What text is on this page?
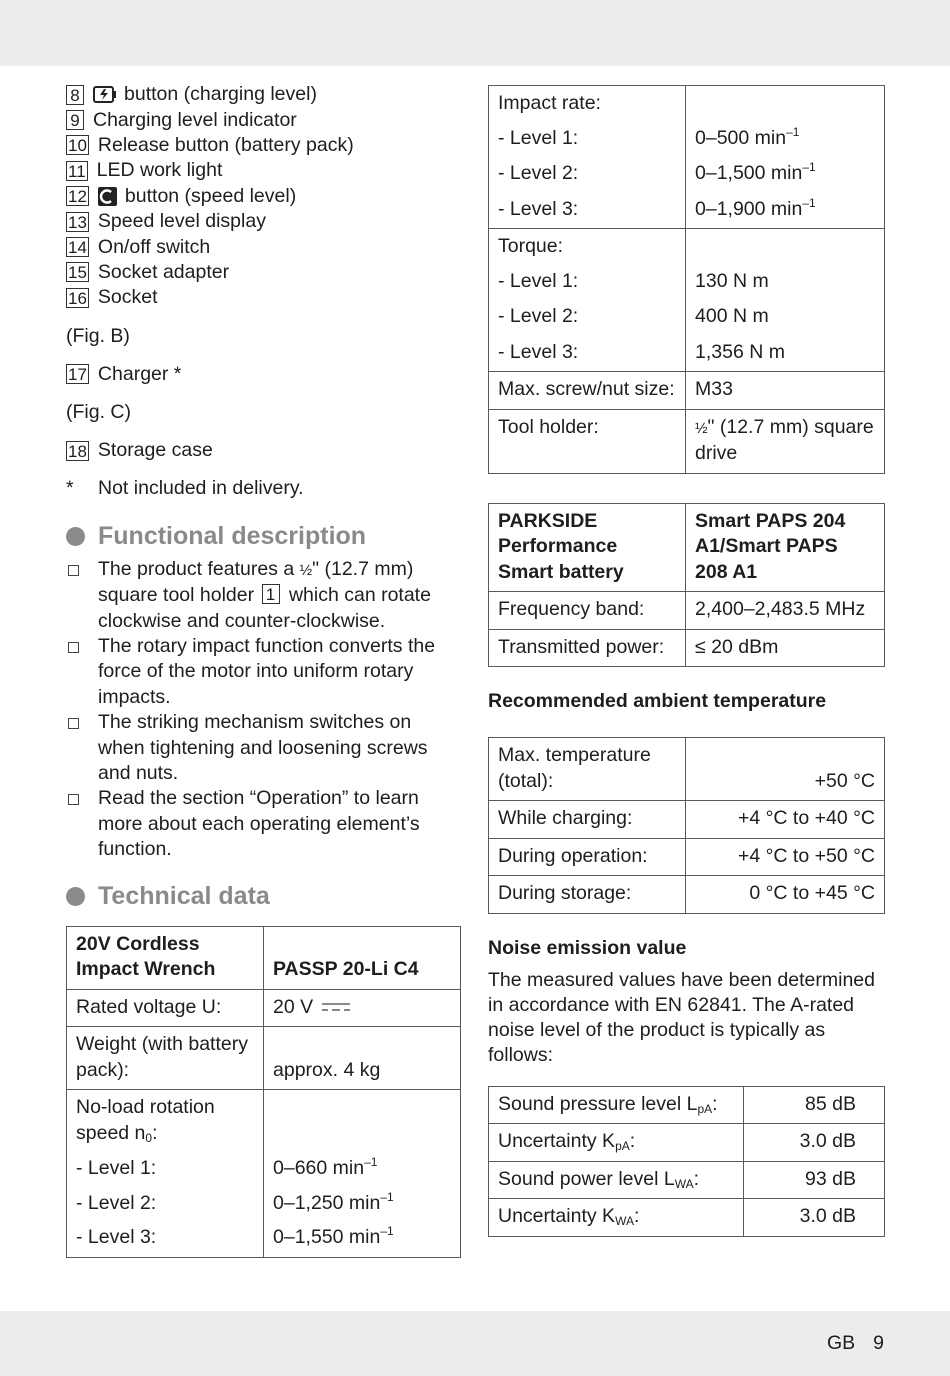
8 button (charging level)
9 Charging level indicator
10 Release button (battery pack)
11 LED work light
12 button (speed level)
13 Speed level display
14 On/off switch
15 Socket adapter
16 Socket

(Fig. B)

17 Charger *

(Fig. C)

18 Storage case
*	Not included in delivery.
Functional description
The product features a ½" (12.7 mm) square tool holder 1 which can rotate clockwise and counter-clockwise.
The rotary impact function converts the force of the motor into uniform rotary impacts.
The striking mechanism switches on when tightening and loosening screws and nuts.
Read the section “Operation” to learn more about each operating element’s function.
Technical data
20V Cordless Impact Wrench	PASSP 20-Li C4
Rated voltage U:	20 V
Weight (with battery pack):	approx. 4 kg
No-load rotation speed $n_0$:	
- Level 1:	0–660 $\min^{-1}$
- Level 2:	0–1,250 $\min^{-1}$
- Level 3:	0–1,550 $\min^{-1}$
Impact rate:	
- Level 1:	0–500 $\min^{-1}$
- Level 2:	0–1,500 $\min^{-1}$
- Level 3:	0–1,900 $\min^{-1}$
Torque:	
- Level 1:	130 N m
- Level 2:	400 N m
- Level 3:	1,356 N m
Max. screw/nut size:	M33
Tool holder:	½" (12.7 mm) square drive
PARKSIDE Performance Smart battery	Smart PAPS 204 A1/Smart PAPS 208 A1
Frequency band:	2,400–2,483.5 MHz
Transmitted power:	≤ 20 dBm
Recommended ambient temperature
Max. temperature (total):	+50 °C
While charging:	+4 °C to +40 °C
During operation:	+4 °C to +50 °C
During storage:	0 °C to +45 °C
Noise emission value

The measured values have been determined in accordance with EN 62841. The A-rated noise level of the product is typically as follows:

Sound pressure level $L_{pA}$:	85 dB
Uncertainty $K_{pA}$:	3.0 dB
Sound power level $L_{WA}$:	93 dB
Uncertainty $K_{WA}$:	3.0 dB
GB 9
